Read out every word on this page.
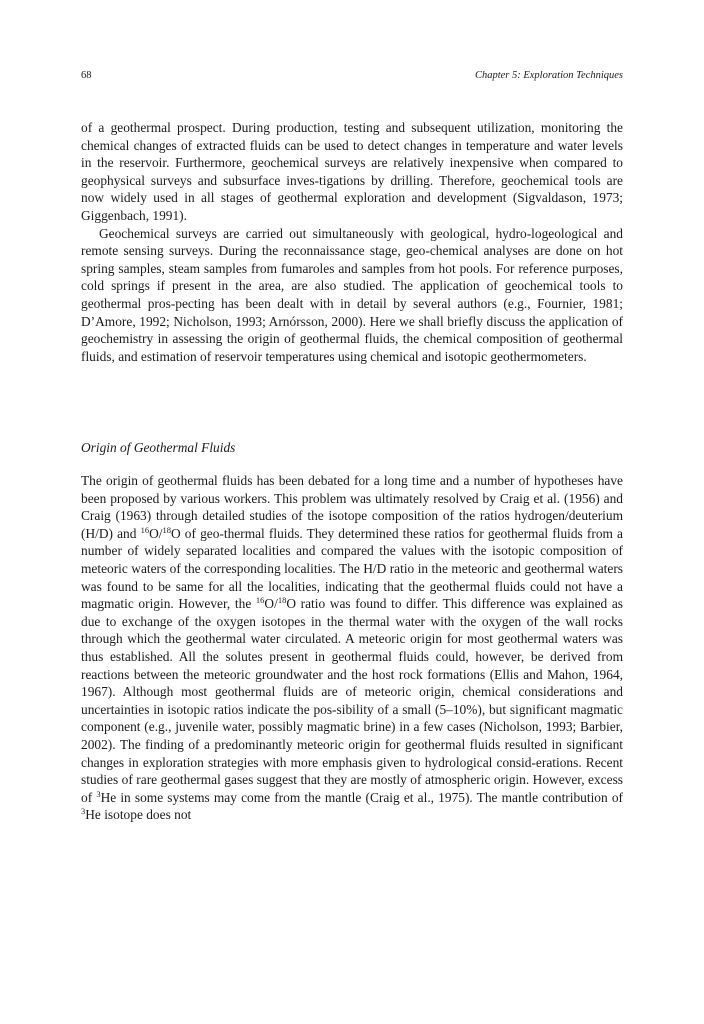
68	Chapter 5: Exploration Techniques

of a geothermal prospect. During production, testing and subsequent utilization, monitoring the chemical changes of extracted fluids can be used to detect changes in temperature and water levels in the reservoir. Furthermore, geochemical surveys are relatively inexpensive when compared to geophysical surveys and subsurface inves-tigations by drilling. Therefore, geochemical tools are now widely used in all stages of geothermal exploration and development (Sigvaldason, 1973; Giggenbach, 1991).

Geochemical surveys are carried out simultaneously with geological, hydro-logeological and remote sensing surveys. During the reconnaissance stage, geo-chemical analyses are done on hot spring samples, steam samples from fumaroles and samples from hot pools. For reference purposes, cold springs if present in the area, are also studied. The application of geochemical tools to geothermal pros-pecting has been dealt with in detail by several authors (e.g., Fournier, 1981; D’Amore, 1992; Nicholson, 1993; Arnórsson, 2000). Here we shall briefly discuss the application of geochemistry in assessing the origin of geothermal fluids, the chemical composition of geothermal fluids, and estimation of reservoir temperatures using chemical and isotopic geothermometers.

Origin of Geothermal Fluids

The origin of geothermal fluids has been debated for a long time and a number of hypotheses have been proposed by various workers. This problem was ultimately resolved by Craig et al. (1956) and Craig (1963) through detailed studies of the isotope composition of the ratios hydrogen/deuterium (H/D) and $^{16}$O/$^{18}$O of geo-thermal fluids. They determined these ratios for geothermal fluids from a number of widely separated localities and compared the values with the isotopic composition of meteoric waters of the corresponding localities. The H/D ratio in the meteoric and geothermal waters was found to be same for all the localities, indicating that the geothermal fluids could not have a magmatic origin. However, the $^{16}$O/$^{18}$O ratio was found to differ. This difference was explained as due to exchange of the oxygen isotopes in the thermal water with the oxygen of the wall rocks through which the geothermal water circulated. A meteoric origin for most geothermal waters was thus established. All the solutes present in geothermal fluids could, however, be derived from reactions between the meteoric groundwater and the host rock formations (Ellis and Mahon, 1964, 1967). Although most geothermal fluids are of meteoric origin, chemical considerations and uncertainties in isotopic ratios indicate the pos-sibility of a small (5–10%), but significant magmatic component (e.g., juvenile water, possibly magmatic brine) in a few cases (Nicholson, 1993; Barbier, 2002). The finding of a predominantly meteoric origin for geothermal fluids resulted in significant changes in exploration strategies with more emphasis given to hydrological consid-erations. Recent studies of rare geothermal gases suggest that they are mostly of atmospheric origin. However, excess of $^3$He in some systems may come from the mantle (Craig et al., 1975). The mantle contribution of $^3$He isotope does not
